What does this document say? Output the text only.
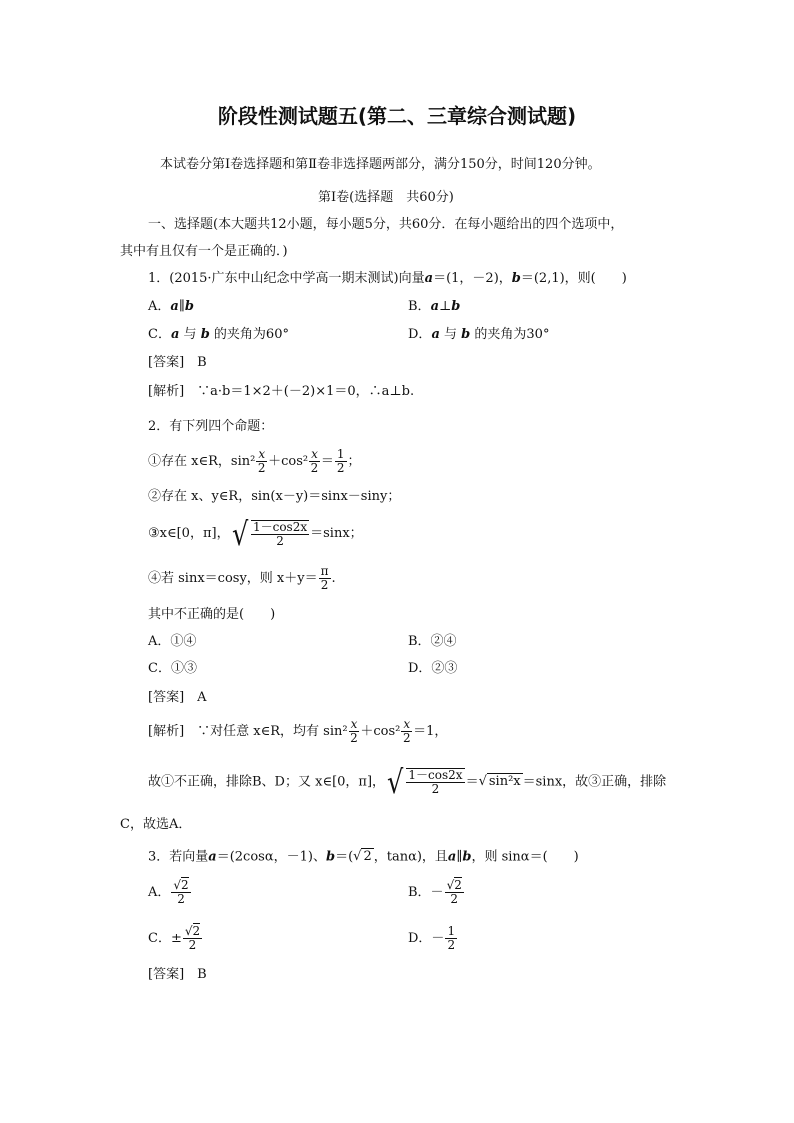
阶段性测试题五(第二、三章综合测试题)
本试卷分第Ⅰ卷选择题和第Ⅱ卷非选择题两部分，满分150分，时间120分钟。
第Ⅰ卷(选择题　共60分)
一、选择题(本大题共12小题，每小题5分，共60分．在每小题给出的四个选项中，
其中有且仅有一个是正确的．)
1．(2015·广东中山纪念中学高一期末测试)向量a＝(1，－2)，b＝(2,1)，则(　　)
A．a∥b	B．a⊥b
C．a 与 b 的夹角为60°	D．a 与 b 的夹角为30°
[答案]　 B
[解析]　 ∵a·b＝1×2＋(－2)×1＝0，∴a⊥b.
2．有下列四个命题：
①存在 x∈R，$\sin^2 \frac{x}{2} +\cos^2 \frac{x}{2} = \frac{1}{2}$ ；
②存在 x、y∈R，sin(x－y)＝sinx－siny；
③x∈[0，π]，√ $\frac{1-\cos 2x}{2} =\sin x$；
④若 sinx＝cosy，则 $x+y= \frac{\pi}{2}$ .
其中不正确的是(　　)
A．①④	B．②④
C．①③	D．②③
[答案]　 A
[解析]　 ∵对任意 x∈R，均有 $\sin^2 \frac{x}{2} +\cos^2 \frac{x}{2} =1$，
故①不正确，排除B、D；又 x∈[0，π]，√ $\frac{1-\cos 2x}{2}$ ＝√ sin²x ＝sinx，故③正确，排除
C，故选A．
3．若向量a＝(2cosα，－1)、b＝(√ 2 ，tanα)，且a∥b，则 sinα＝(　　)
A． $\frac{√2}{2}$	B．－ $\frac{√2}{2}$
C．± $\frac{√2}{2}$	D．－ $\frac{1}{2}$
[答案]　 B
